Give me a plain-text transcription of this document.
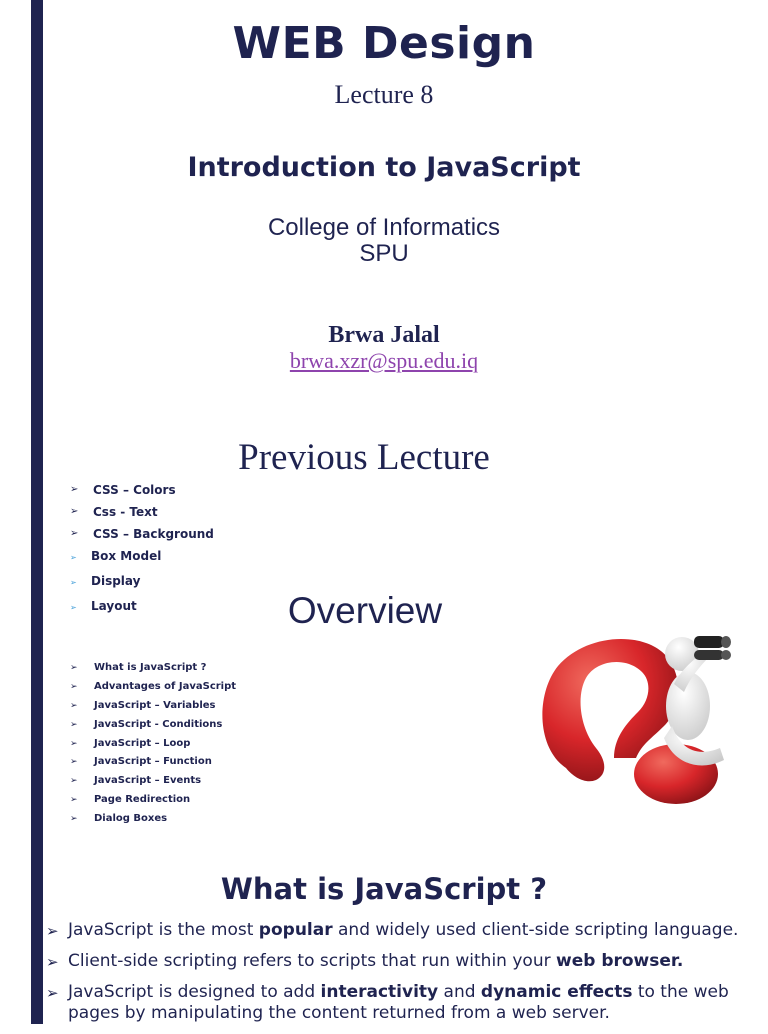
WEB Design
Lecture 8
Introduction to JavaScript
College of Informatics
SPU
Brwa Jalal
brwa.xzr@spu.edu.iq
Previous Lecture
➢ CSS – Colors
➢ Css - Text
➢ CSS – Background
➢ Box Model
➢ Display
➢ Layout	Overview
➢ What is JavaScript ?
➢ Advantages of JavaScript
➢ JavaScript – Variables
➢ JavaScript - Conditions
➢ JavaScript – Loop
➢ JavaScript – Function
➢ JavaScript – Events
➢ Page Redirection
➢ Dialog Boxes
What is JavaScript ?
➢ JavaScript is the most popular and widely used client-side scripting language.
➢ Client-side scripting refers to scripts that run within your web browser.
➢ JavaScript is designed to add interactivity and dynamic effects to the web pages by manipulating the content returned from a web server.
